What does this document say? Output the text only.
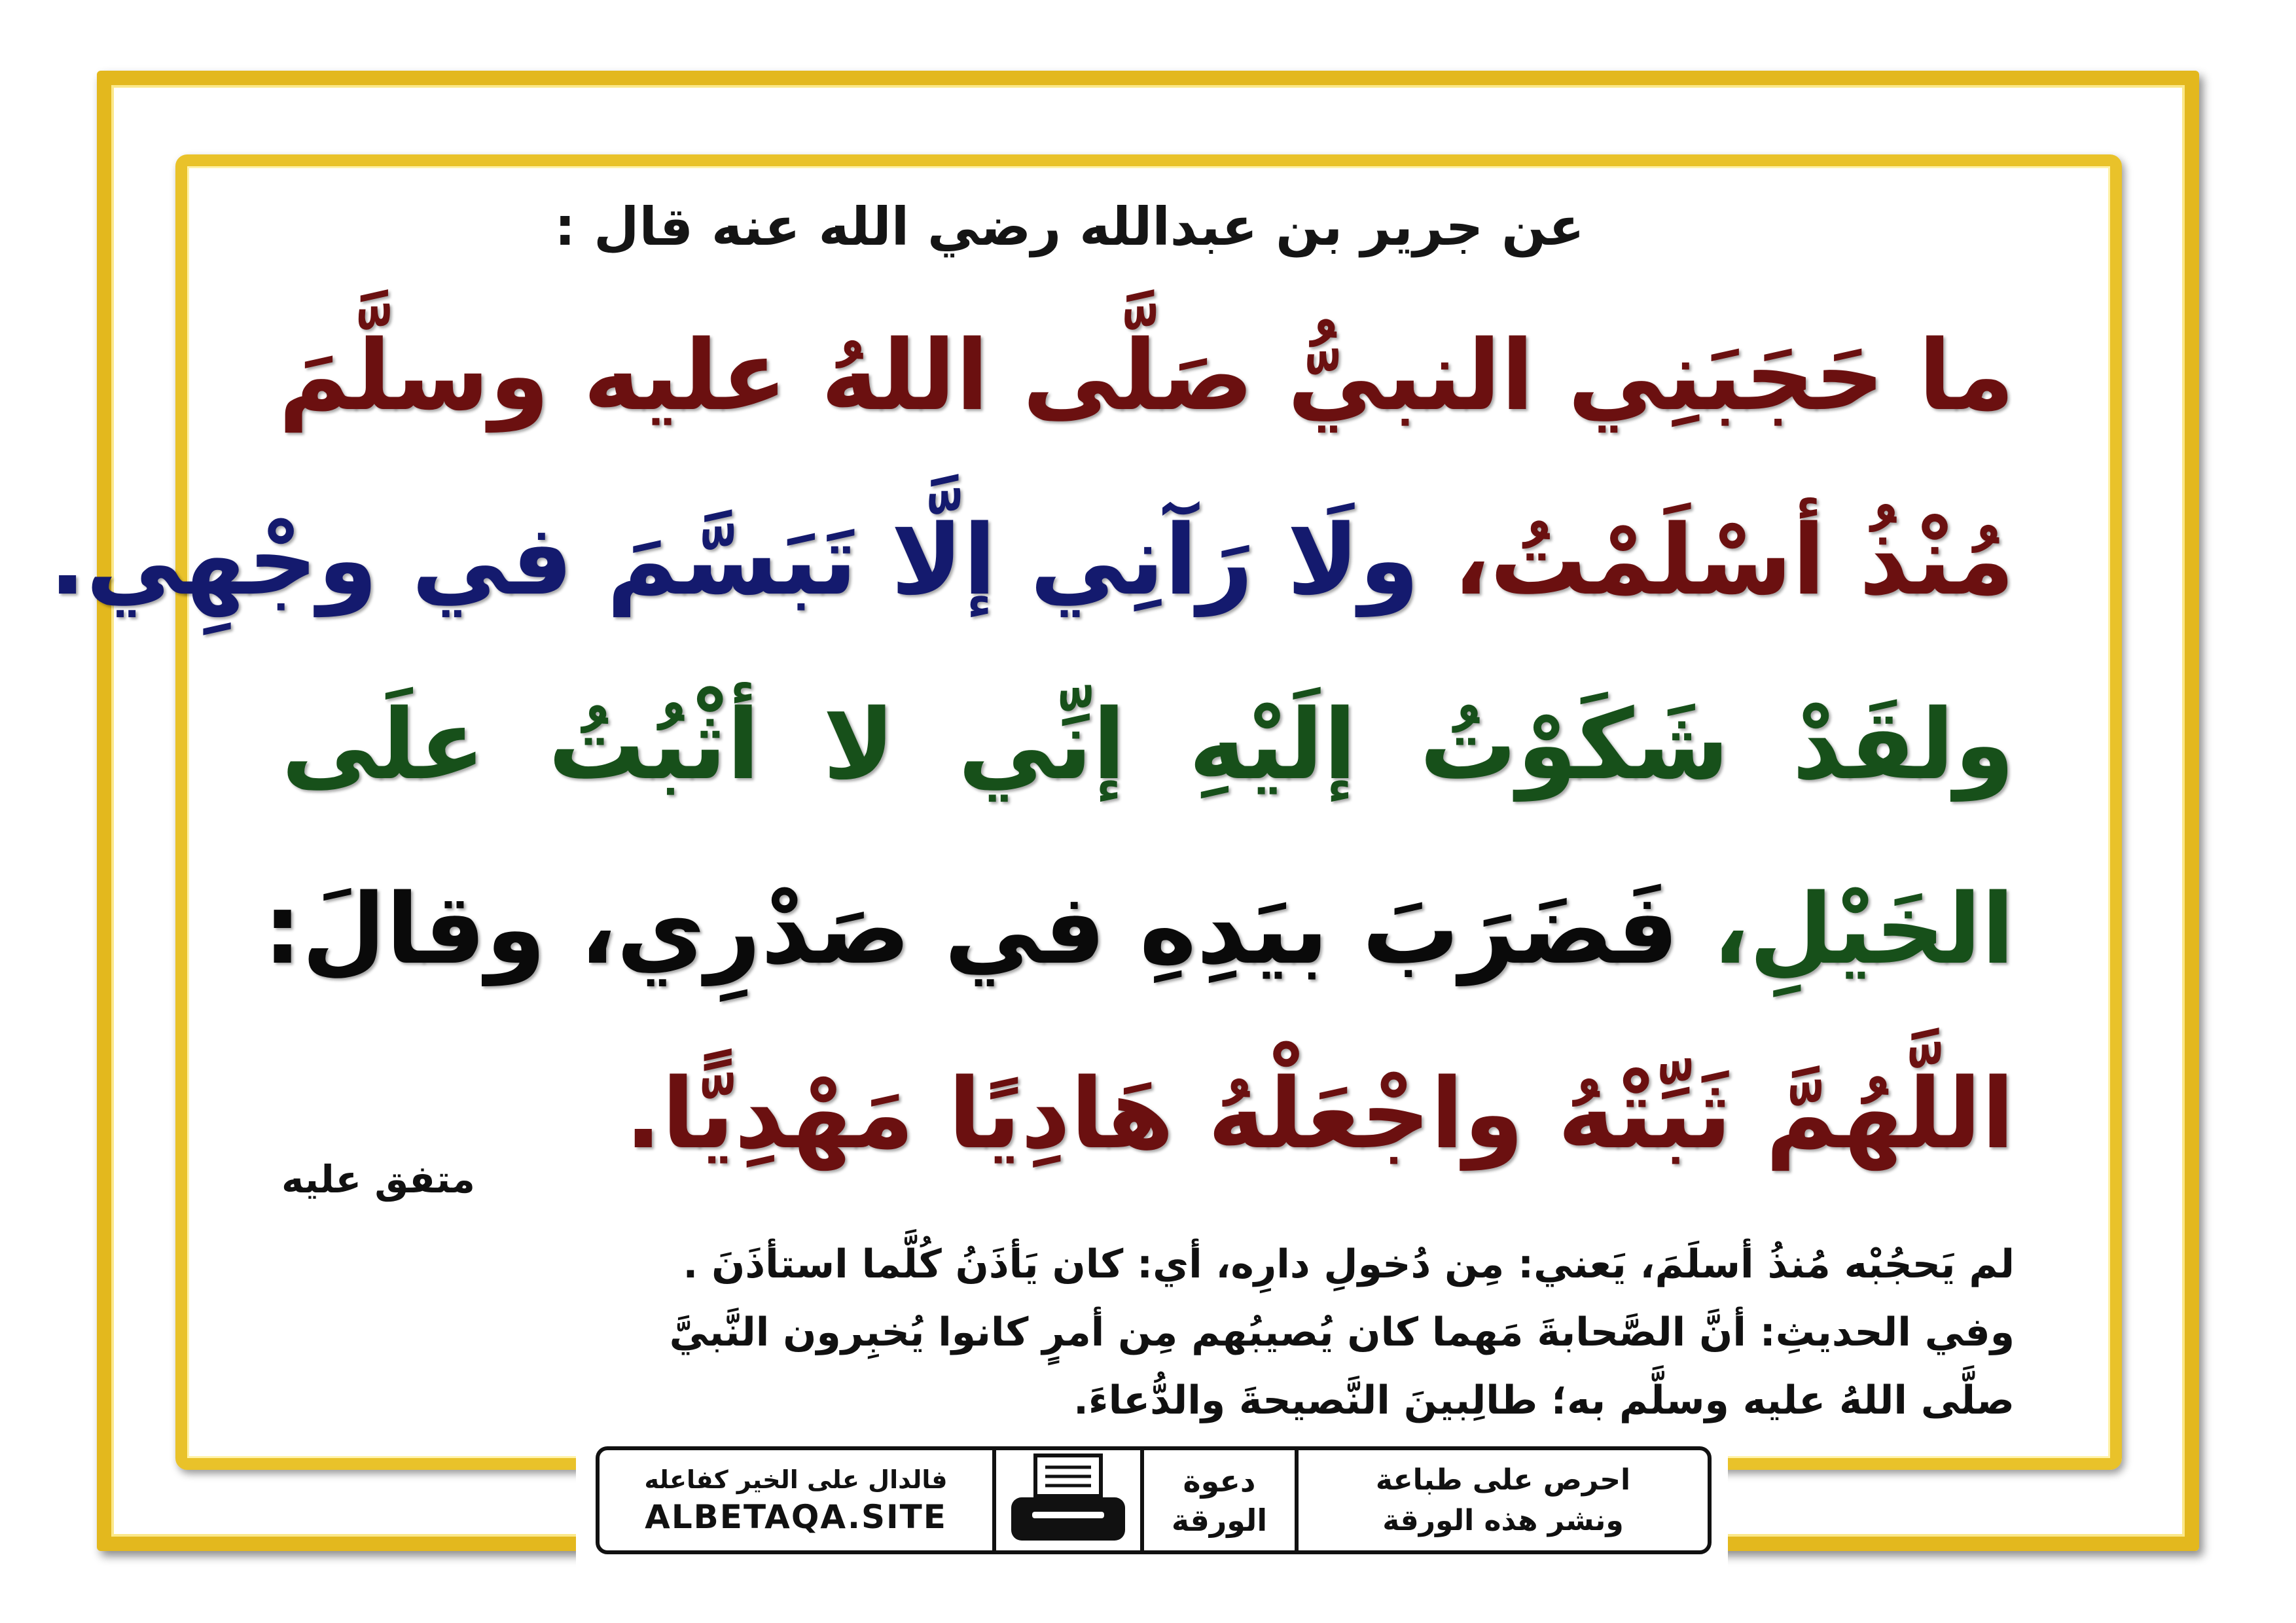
عن جرير بن عبدالله رضي الله عنه قال :
ما حَجَبَنِي النبيُّ صَلَّى اللهُ عليه وسلَّمَ
مُنْذُ أسْلَمْتُ، ولَا رَآنِي إلَّا تَبَسَّمَ في وجْهِي.
ولقَدْ شَكَوْتُ إلَيْهِ إنِّي لا أثْبُتُ علَى
الخَيْلِ، فَضَرَبَ بيَدِهِ في صَدْرِي، وقالَ:
اللَّهُمَّ ثَبِّتْهُ واجْعَلْهُ هَادِيًا مَهْدِيًّا.
متفق عليه
لم يَحجُبْه مُنذُ أسلَمَ، يَعني: مِن دُخولِ دارِه، أي: كان يَأذَنُ كُلَّما استأذَنَ .
وفي الحديثِ: أنَّ الصَّحابةَ مَهما كان يُصيبُهم مِن أمرٍ كانوا يُخبِرون النَّبيَّ
صلَّى اللهُ عليه وسلَّم به؛ طالِبينَ النَّصيحةَ والدُّعاءَ.
فالدال على الخير كفاعله
ALBETAQA.SITE
دعوة
الورقة
احرص على طباعة
ونشر هذه الورقة
